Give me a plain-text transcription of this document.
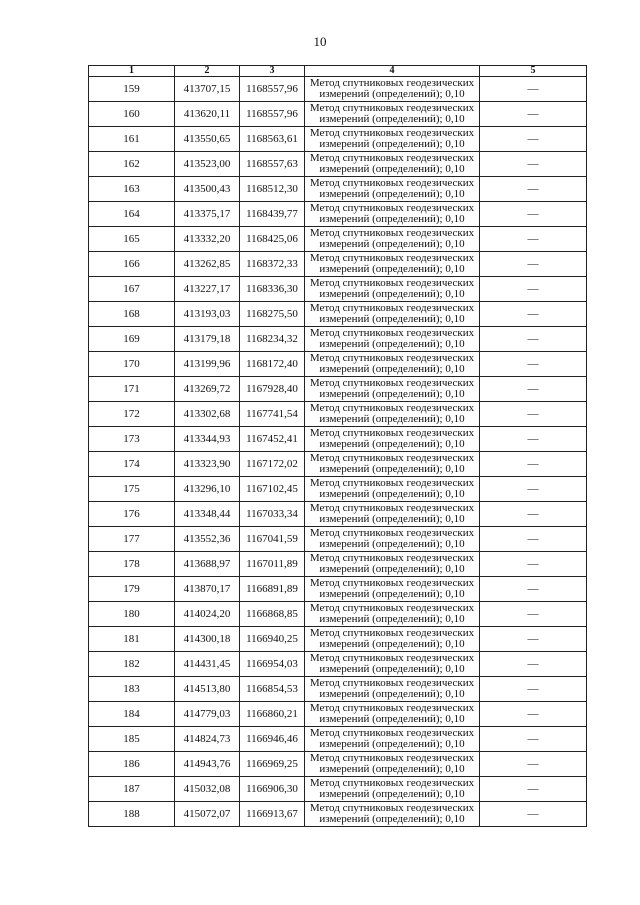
10
1	2	3	4	5
159	413707,15	1168557,96	Метод спутниковых геодезических измерений (определений); 0,10	—
160	413620,11	1168557,96	Метод спутниковых геодезических измерений (определений); 0,10	—
161	413550,65	1168563,61	Метод спутниковых геодезических измерений (определений); 0,10	—
162	413523,00	1168557,63	Метод спутниковых геодезических измерений (определений); 0,10	—
163	413500,43	1168512,30	Метод спутниковых геодезических измерений (определений); 0,10	—
164	413375,17	1168439,77	Метод спутниковых геодезических измерений (определений); 0,10	—
165	413332,20	1168425,06	Метод спутниковых геодезических измерений (определений); 0,10	—
166	413262,85	1168372,33	Метод спутниковых геодезических измерений (определений); 0,10	—
167	413227,17	1168336,30	Метод спутниковых геодезических измерений (определений); 0,10	—
168	413193,03	1168275,50	Метод спутниковых геодезических измерений (определений); 0,10	—
169	413179,18	1168234,32	Метод спутниковых геодезических измерений (определений); 0,10	—
170	413199,96	1168172,40	Метод спутниковых геодезических измерений (определений); 0,10	—
171	413269,72	1167928,40	Метод спутниковых геодезических измерений (определений); 0,10	—
172	413302,68	1167741,54	Метод спутниковых геодезических измерений (определений); 0,10	—
173	413344,93	1167452,41	Метод спутниковых геодезических измерений (определений); 0,10	—
174	413323,90	1167172,02	Метод спутниковых геодезических измерений (определений); 0,10	—
175	413296,10	1167102,45	Метод спутниковых геодезических измерений (определений); 0,10	—
176	413348,44	1167033,34	Метод спутниковых геодезических измерений (определений); 0,10	—
177	413552,36	1167041,59	Метод спутниковых геодезических измерений (определений); 0,10	—
178	413688,97	1167011,89	Метод спутниковых геодезических измерений (определений); 0,10	—
179	413870,17	1166891,89	Метод спутниковых геодезических измерений (определений); 0,10	—
180	414024,20	1166868,85	Метод спутниковых геодезических измерений (определений); 0,10	—
181	414300,18	1166940,25	Метод спутниковых геодезических измерений (определений); 0,10	—
182	414431,45	1166954,03	Метод спутниковых геодезических измерений (определений); 0,10	—
183	414513,80	1166854,53	Метод спутниковых геодезических измерений (определений); 0,10	—
184	414779,03	1166860,21	Метод спутниковых геодезических измерений (определений); 0,10	—
185	414824,73	1166946,46	Метод спутниковых геодезических измерений (определений); 0,10	—
186	414943,76	1166969,25	Метод спутниковых геодезических измерений (определений); 0,10	—
187	415032,08	1166906,30	Метод спутниковых геодезических измерений (определений); 0,10	—
188	415072,07	1166913,67	Метод спутниковых геодезических измерений (определений); 0,10	—
